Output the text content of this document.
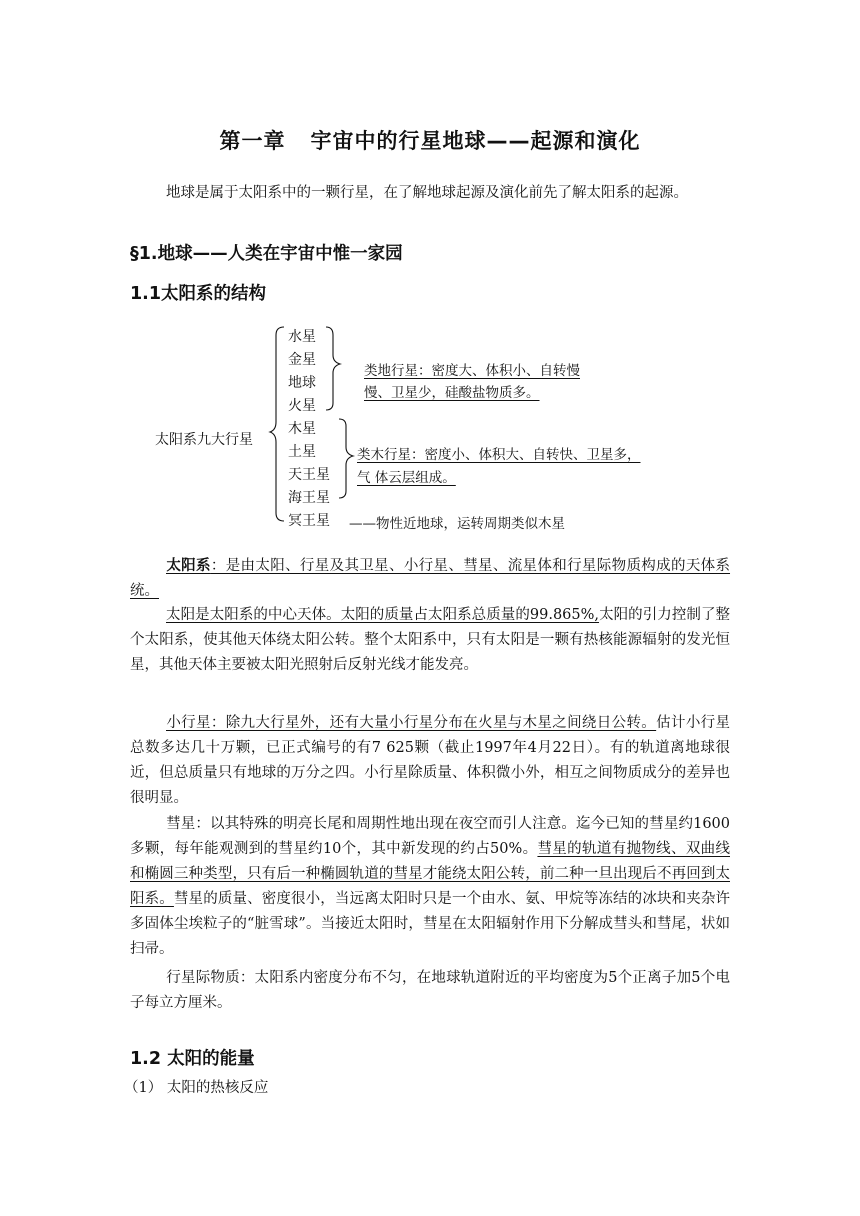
第一章   宇宙中的行星地球——起源和演化
地球是属于太阳系中的一颗行星，在了解地球起源及演化前先了解太阳系的起源。
§1.地球——人类在宇宙中惟一家园
1.1太阳系的结构
太阳系九大行星
水星
金星
地球
火星
木星
土星
天王星
海王星
冥王星
类地行星：密度大、体积小、自转慢
慢、卫星少，硅酸盐物质多。
类木行星：密度小、体积大、自转快、卫星多，
气 体云层组成。
——物性近地球，运转周期类似木星
太阳系：是由太阳、行星及其卫星、小行星、彗星、流星体和行星际物质构成的天体系统。
太阳是太阳系的中心天体。太阳的质量占太阳系总质量的99.865%,太阳的引力控制了整个太阳系，使其他天体绕太阳公转。整个太阳系中，只有太阳是一颗有热核能源辐射的发光恒星，其他天体主要被太阳光照射后反射光线才能发亮。
小行星：除九大行星外，还有大量小行星分布在火星与木星之间绕日公转。估计小行星总数多达几十万颗，已正式编号的有7 625颗（截止1997年4月22日）。有的轨道离地球很近，但总质量只有地球的万分之四。小行星除质量、体积微小外，相互之间物质成分的差异也很明显。
彗星：以其特殊的明亮长尾和周期性地出现在夜空而引人注意。迄今已知的彗星约1600多颗，每年能观测到的彗星约10个，其中新发现的约占50%。彗星的轨道有抛物线、双曲线和椭圆三种类型，只有后一种椭圆轨道的彗星才能绕太阳公转，前二种一旦出现后不再回到太阳系。彗星的质量、密度很小，当远离太阳时只是一个由水、氨、甲烷等冻结的冰块和夹杂许多固体尘埃粒子的“脏雪球”。当接近太阳时，彗星在太阳辐射作用下分解成彗头和彗尾，状如扫帚。
行星际物质：太阳系内密度分布不匀，在地球轨道附近的平均密度为5个正离子加5个电子每立方厘米。
1.2 太阳的能量
（1） 太阳的热核反应
